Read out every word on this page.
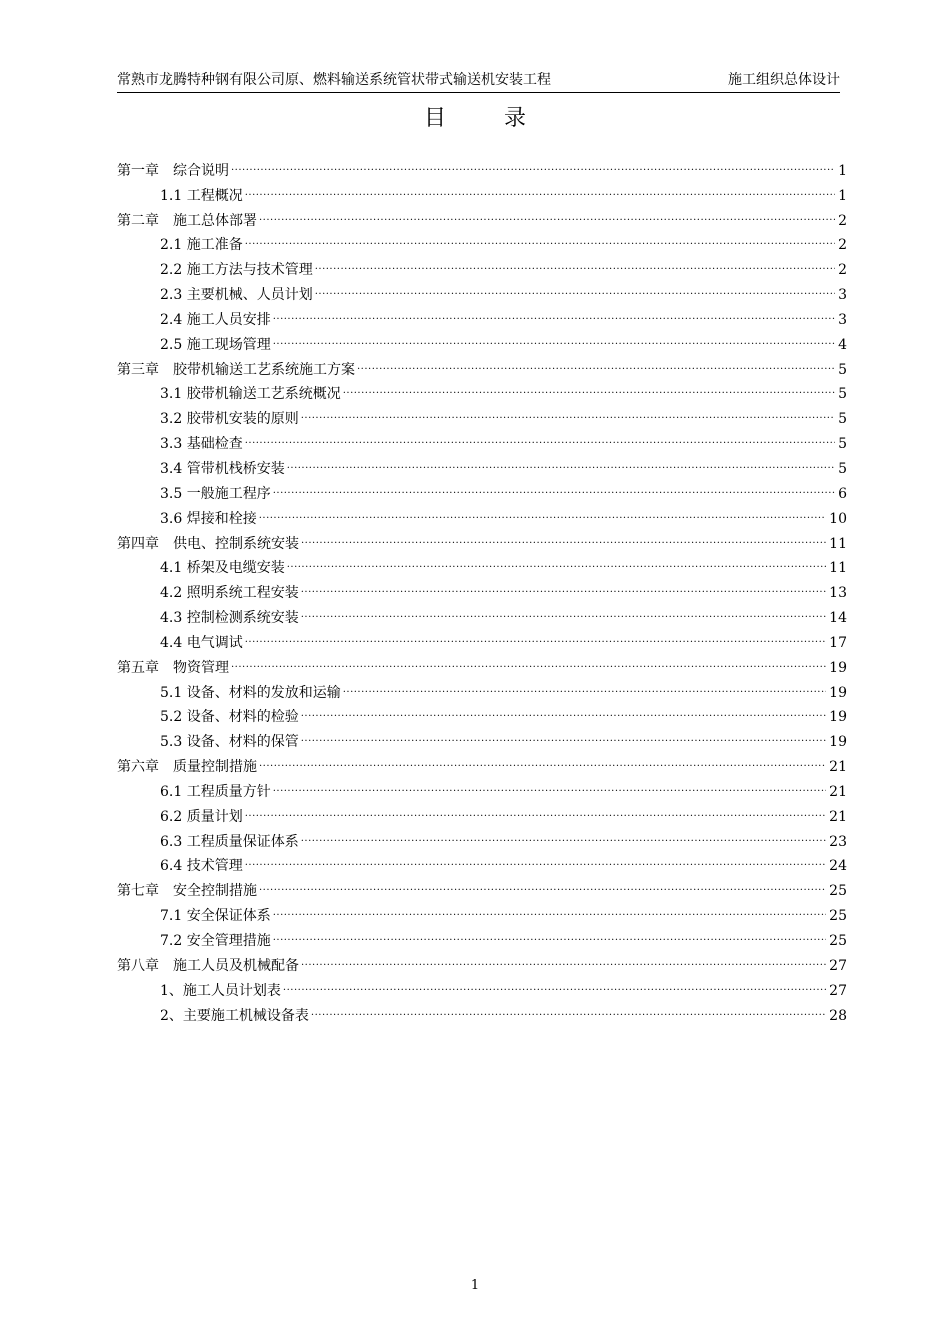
常熟市龙腾特种钢有限公司原、燃料输送系统管状带式输送机安装工程	施工组织总体设计
目	录
第一章　综合说明 .....	1
1.1 工程概况 .....	1
第二章　施工总体部署 .....	2
2.1 施工准备 .....	2
2.2 施工方法与技术管理 .....	2
2.3 主要机械、人员计划 .....	3
2.4 施工人员安排 .....	3
2.5 施工现场管理 .....	4
第三章　胶带机输送工艺系统施工方案 .....	5
3.1 胶带机输送工艺系统概况 .....	5
3.2 胶带机安装的原则 .....	5
3.3 基础检查 .....	5
3.4 管带机栈桥安装 .....	5
3.5 一般施工程序 .....	6
3.6 焊接和栓接 .....	10
第四章　供电、控制系统安装 .....	11
4.1 桥架及电缆安装 .....	11
4.2 照明系统工程安装 .....	13
4.3 控制检测系统安装 .....	14
4.4 电气调试 .....	17
第五章　物资管理 .....	19
5.1 设备、材料的发放和运输 .....	19
5.2 设备、材料的检验 .....	19
5.3 设备、材料的保管 .....	19
第六章　质量控制措施 .....	21
6.1 工程质量方针 .....	21
6.2 质量计划 .....	21
6.3 工程质量保证体系 .....	23
6.4 技术管理 .....	24
第七章　安全控制措施 .....	25
7.1 安全保证体系 .....	25
7.2 安全管理措施 .....	25
第八章　施工人员及机械配备 .....	27
1、施工人员计划表 .....	27
2、主要施工机械设备表 .....	28
1
